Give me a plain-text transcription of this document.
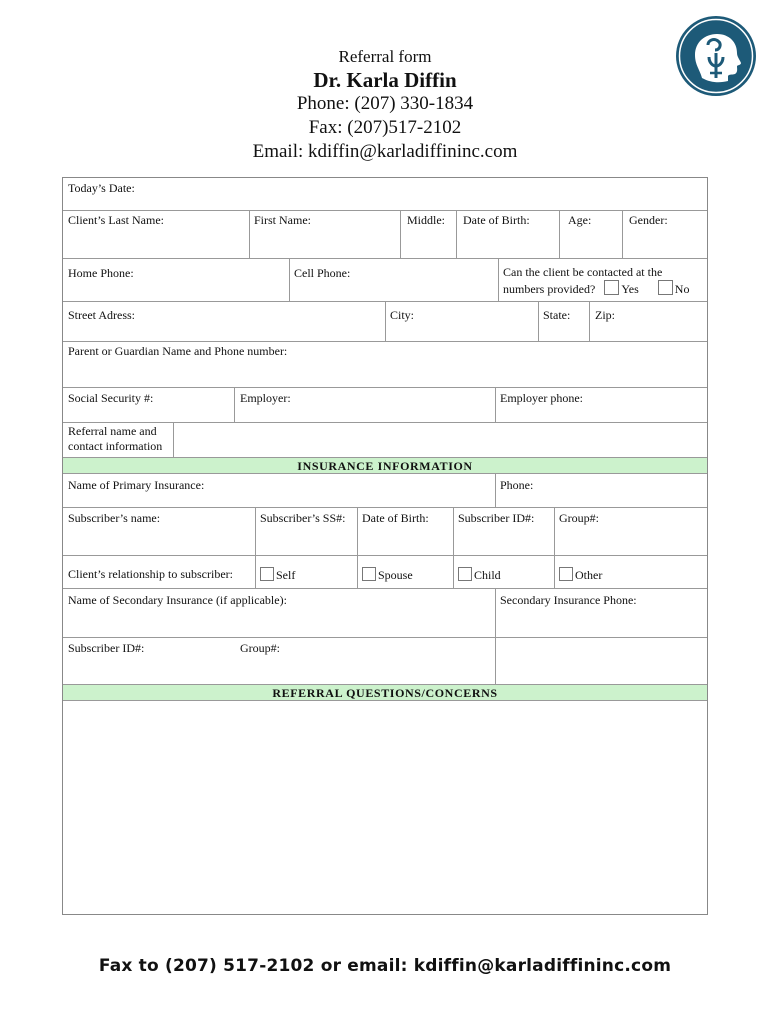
Referral form
Dr. Karla Diffin
Phone: (207) 330-1834
Fax: (207)517-2102
Email: kdiffin@karladiffininc.com
Today’s Date:
Client’s Last Name:	First Name:	Middle:	Date of Birth:	Age:	Gender:
Home Phone:	Cell Phone:	Can the client be contacted at the
numbers provided? Yes	No
Street Adress:	City:	State:	Zip:
Parent or Guardian Name and Phone number:
Social Security #:	Employer:	Employer phone:
Referral name and
contact information
INSURANCE INFORMATION
Name of Primary Insurance:	Phone:
Subscriber’s name:	Subscriber’s SS#:	Date of Birth:	Subscriber ID#:	Group#:
Client’s relationship to subscriber:	Self	Spouse	Child	Other
Name of Secondary Insurance (if applicable):	Secondary Insurance Phone:
Subscriber ID#:	Group#:
REFERRAL QUESTIONS/CONCERNS
Fax to (207) 517-2102 or email: kdiffin@karladiffininc.com
